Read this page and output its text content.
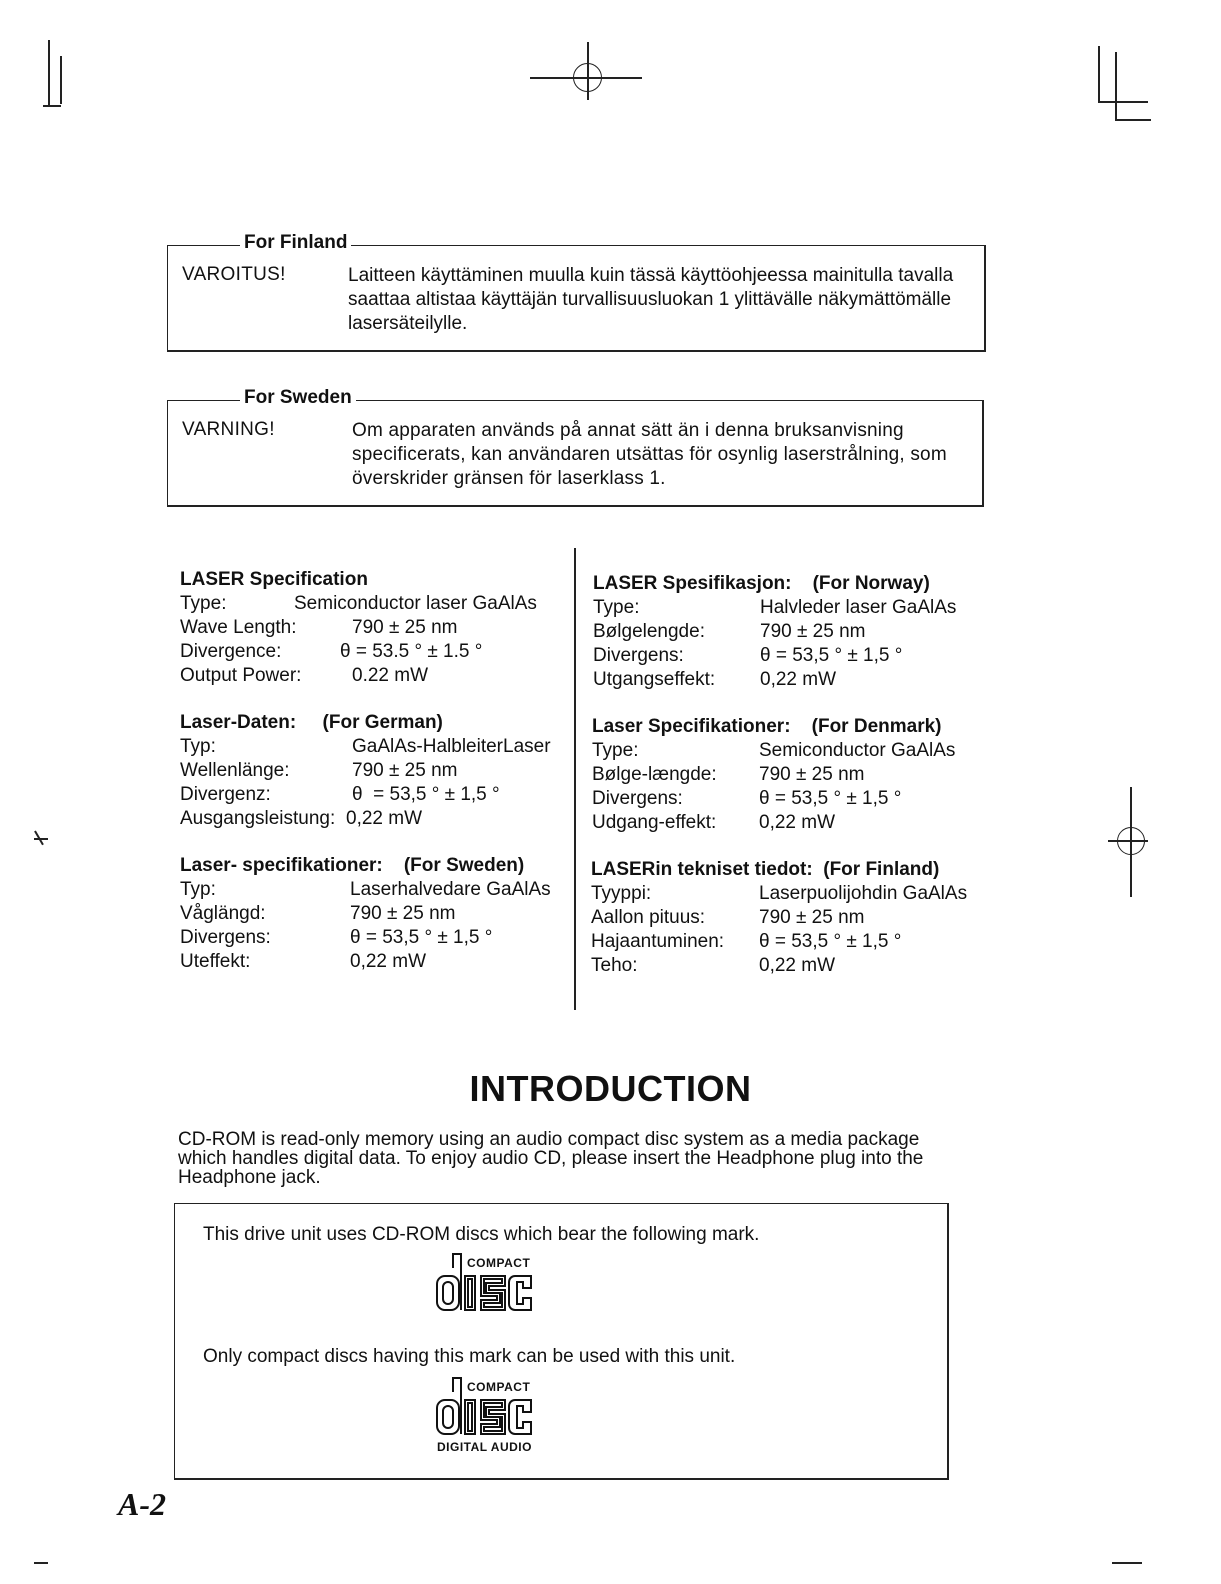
For Finland
VAROITUS!	Laitteen käyttäminen muulla kuin tässä käyttöohjeessa mainitulla tavalla saattaa altistaa käyttäjän turvallisuusluokan 1 ylittävälle näkymättömälle lasersäteilylle.
For Sweden
VARNING!	Om apparaten används på annat sätt än i denna bruksanvisning specificerats, kan användaren utsättas för osynlig laserstrålning, som överskrider gränsen för laserklass 1.
LASER Specification
Type:	Semiconductor laser GaAlAs
Wave Length:	790 ± 25 nm
Divergence:	θ = 53.5 ° ± 1.5 °
Output Power:	0.22 mW
Laser-Daten:     (For German)
Typ:	GaAlAs-HalbleiterLaser
Wellenlänge:	790 ± 25 nm
Divergenz:	θ  = 53,5 ° ± 1,5 °
Ausgangsleistung: 0,22 mW
Laser- specifikationer:    (For Sweden)
Typ:	Laserhalvedare GaAlAs
Våglängd:	790 ± 25 nm
Divergens:	θ = 53,5 ° ± 1,5 °
Uteffekt:	0,22 mW
LASER Spesifikasjon:    (For Norway)
Type:	Halvleder laser GaAlAs
Bølgelengde:	790 ± 25 nm
Divergens:	θ = 53,5 ° ± 1,5 °
Utgangseffekt: 0,22 mW
Laser Specifikationer:    (For Denmark)
Type:	Semiconductor GaAlAs
Bølge-længde: 790 ± 25 nm
Divergens:	θ = 53,5 ° ± 1,5 °
Udgang-effekt: 0,22 mW
LASERin tekniset tiedot:  (For Finland)
Tyyppi:	Laserpuolijohdin GaAlAs
Aallon pituus:	790 ± 25 nm
Hajaantuminen: θ = 53,5 ° ± 1,5 °
Teho:	0,22 mW
INTRODUCTION
CD-ROM is read-only memory using an audio compact disc system as a media package which handles digital data. To enjoy audio CD, please insert the Headphone plug into the Headphone jack.
This drive unit uses CD-ROM discs which bear the following mark.
COMPACT
Only compact discs having this mark can be used with this unit.
COMPACT
DIGITAL AUDIO
A-2
